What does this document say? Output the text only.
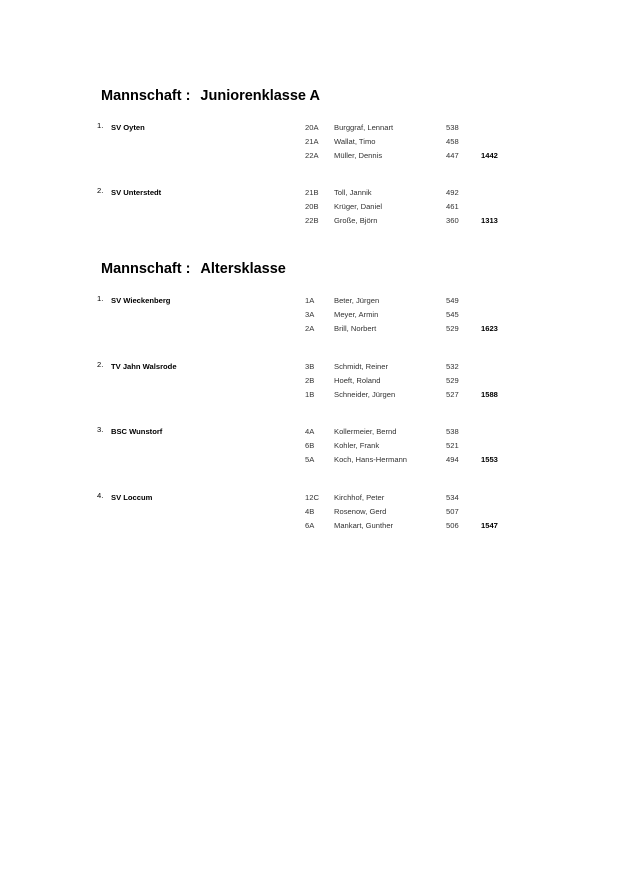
Mannschaft : Juniorenklasse A
1. SV Oyten	20A Burggraf, Lennart	538
21A Wallat, Timo	458
22A Müller, Dennis	447	1442
2. SV Unterstedt	21B Toll, Jannik	492
20B Krüger, Daniel	461
22B Große, Björn	360	1313
Mannschaft : Altersklasse
1. SV Wieckenberg	1A	Beter, Jürgen	549
3A	Meyer, Armin	545
2A	Brill, Norbert	529	1623
2. TV Jahn Walsrode	3B	Schmidt, Reiner	532
2B	Hoeft, Roland	529
1B	Schneider, Jürgen	527	1588
3. BSC Wunstorf	4A	Kollermeier, Bernd	538
6B	Kohler, Frank	521
5A	Koch, Hans-Hermann	494	1553
4. SV Loccum	12C Kirchhof, Peter	534
4B	Rosenow, Gerd	507
6A	Mankart, Gunther	506	1547
